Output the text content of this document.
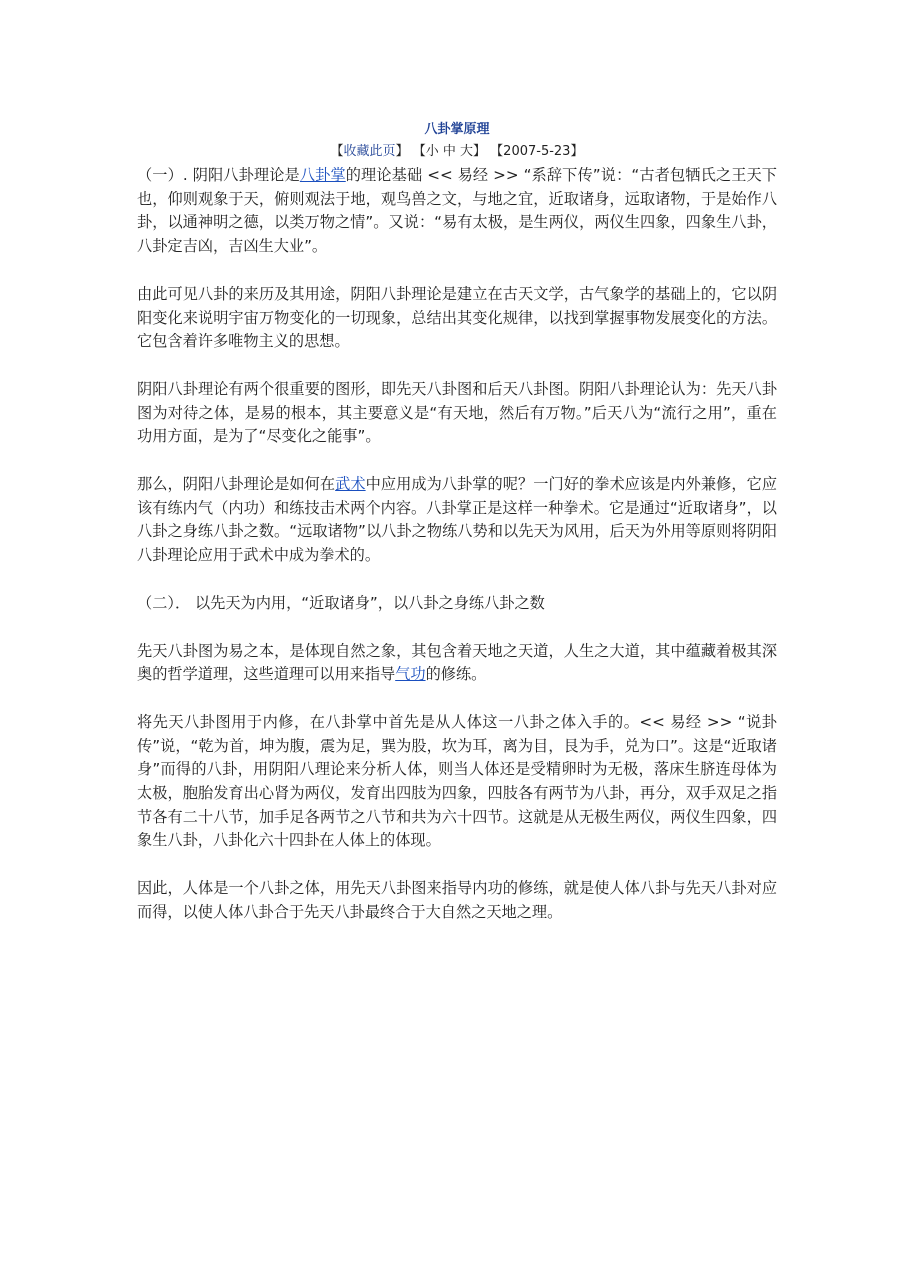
八卦掌原理
【收藏此页】 【小 中 大】 【2007-5-23】

（一）. 阴阳八卦理论是八卦掌的理论基础 << 易经 >> “系辞下传”说：“古者包牺氏之王天下也，仰则观象于天，俯则观法于地，观鸟兽之文，与地之宜，近取诸身，远取诸物，于是始作八卦，以通神明之德，以类万物之情”。又说：“易有太极，是生两仪，两仪生四象，四象生八卦，八卦定吉凶，吉凶生大业”。

由此可见八卦的来历及其用途，阴阳八卦理论是建立在古天文学，古气象学的基础上的，它以阴阳变化来说明宇宙万物变化的一切现象，总结出其变化规律，以找到掌握事物发展变化的方法。它包含着许多唯物主义的思想。

阴阳八卦理论有两个很重要的图形，即先天八卦图和后天八卦图。阴阳八卦理论认为：先天八卦图为对待之体，是易的根本，其主要意义是“有天地，然后有万物。”后天八为“流行之用”，重在功用方面，是为了“尽变化之能事”。

那么，阴阳八卦理论是如何在武术中应用成为八卦掌的呢？一门好的拳术应该是内外兼修，它应该有练内气（内功）和练技击术两个内容。八卦掌正是这样一种拳术。它是通过“近取诸身”，以八卦之身练八卦之数。“远取诸物”以八卦之物练八势和以先天为风用，后天为外用等原则将阴阳八卦理论应用于武术中成为拳术的。

（二）． 以先天为内用，“近取诸身”，以八卦之身练八卦之数

先天八卦图为易之本，是体现自然之象，其包含着天地之天道，人生之大道，其中蕴藏着极其深奥的哲学道理，这些道理可以用来指导气功的修练。

将先天八卦图用于内修，在八卦掌中首先是从人体这一八卦之体入手的。<< 易经 >> “说卦传”说，“乾为首，坤为腹，震为足，巽为股，坎为耳，离为目，艮为手，兑为口”。这是“近取诸身”而得的八卦，用阴阳八理论来分析人体，则当人体还是受精卵时为无极，落床生脐连母体为太极，胞胎发育出心肾为两仪，发育出四肢为四象，四肢各有两节为八卦，再分，双手双足之指节各有二十八节，加手足各两节之八节和共为六十四节。这就是从无极生两仪，两仪生四象，四象生八卦，八卦化六十四卦在人体上的体现。

因此，人体是一个八卦之体，用先天八卦图来指导内功的修练，就是使人体八卦与先天八卦对应而得，以使人体八卦合于先天八卦最终合于大自然之天地之理。
